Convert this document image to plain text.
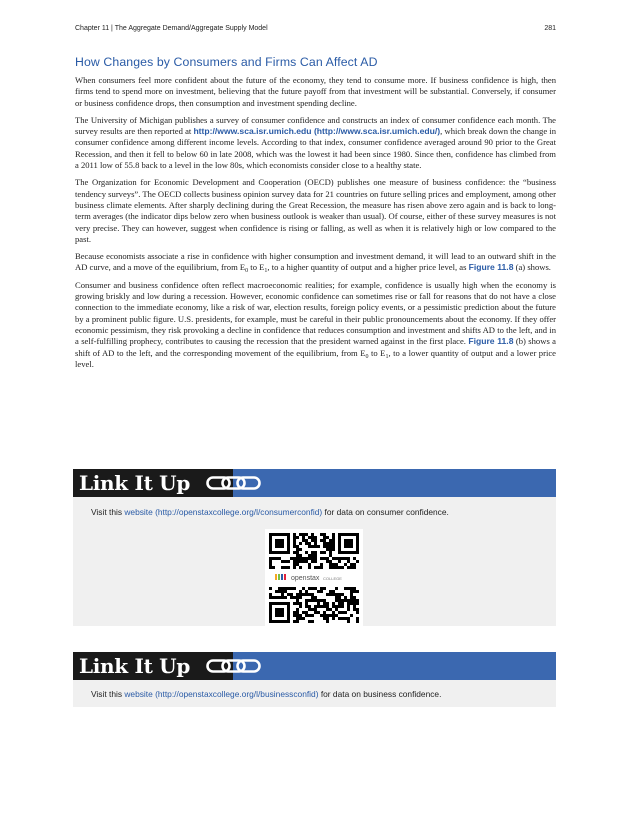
Chapter 11 | The Aggregate Demand/Aggregate Supply Model	281
How Changes by Consumers and Firms Can Affect AD

When consumers feel more confident about the future of the economy, they tend to consume more. If business confidence is high, then firms tend to spend more on investment, believing that the future payoff from that investment will be substantial. Conversely, if consumer or business confidence drops, then consumption and investment spending decline.

The University of Michigan publishes a survey of consumer confidence and constructs an index of consumer confidence each month. The survey results are then reported at http://www.sca.isr.umich.edu (http://www.sca.isr.umich.edu/), which break down the change in consumer confidence among different income levels. According to that index, consumer confidence averaged around 90 prior to the Great Recession, and then it fell to below 60 in late 2008, which was the lowest it had been since 1980. Since then, confidence has climbed from a 2011 low of 55.8 back to a level in the low 80s, which economists consider close to a healthy state.

The Organization for Economic Development and Cooperation (OECD) publishes one measure of business confidence: the “business tendency surveys”. The OECD collects business opinion survey data for 21 countries on future selling prices and employment, among other business climate elements. After sharply declining during the Great Recession, the measure has risen above zero again and is back to long-term averages (the indicator dips below zero when business outlook is weaker than usual). Of course, either of these survey measures is not very precise. They can however, suggest when confidence is rising or falling, as well as when it is relatively high or low compared to the past.

Because economists associate a rise in confidence with higher consumption and investment demand, it will lead to an outward shift in the AD curve, and a move of the equilibrium, from $E_0$ to $E_1$, to a higher quantity of output and a higher price level, as Figure 11.8 (a) shows.

Consumer and business confidence often reflect macroeconomic realities; for example, confidence is usually high when the economy is growing briskly and low during a recession. However, economic confidence can sometimes rise or fall for reasons that do not have a close connection to the immediate economy, like a risk of war, election results, foreign policy events, or a pessimistic prediction about the future by a prominent public figure. U.S. presidents, for example, must be careful in their public pronouncements about the economy. If they offer economic pessimism, they risk provoking a decline in confidence that reduces consumption and investment and shifts AD to the left, and in a self-fulfilling prophecy, contributes to causing the recession that the president warned against in the first place. Figure 11.8 (b) shows a shift of AD to the left, and the corresponding movement of the equilibrium, from $E_0$ to $E_1$, to a lower quantity of output and a lower price level.

Link It Up
Visit this website (http://openstaxcollege.org/l/consumerconfid) for data on consumer confidence.
openstax COLLEGE
Link It Up
Visit this website (http://openstaxcollege.org/l/businessconfid) for data on business confidence.
